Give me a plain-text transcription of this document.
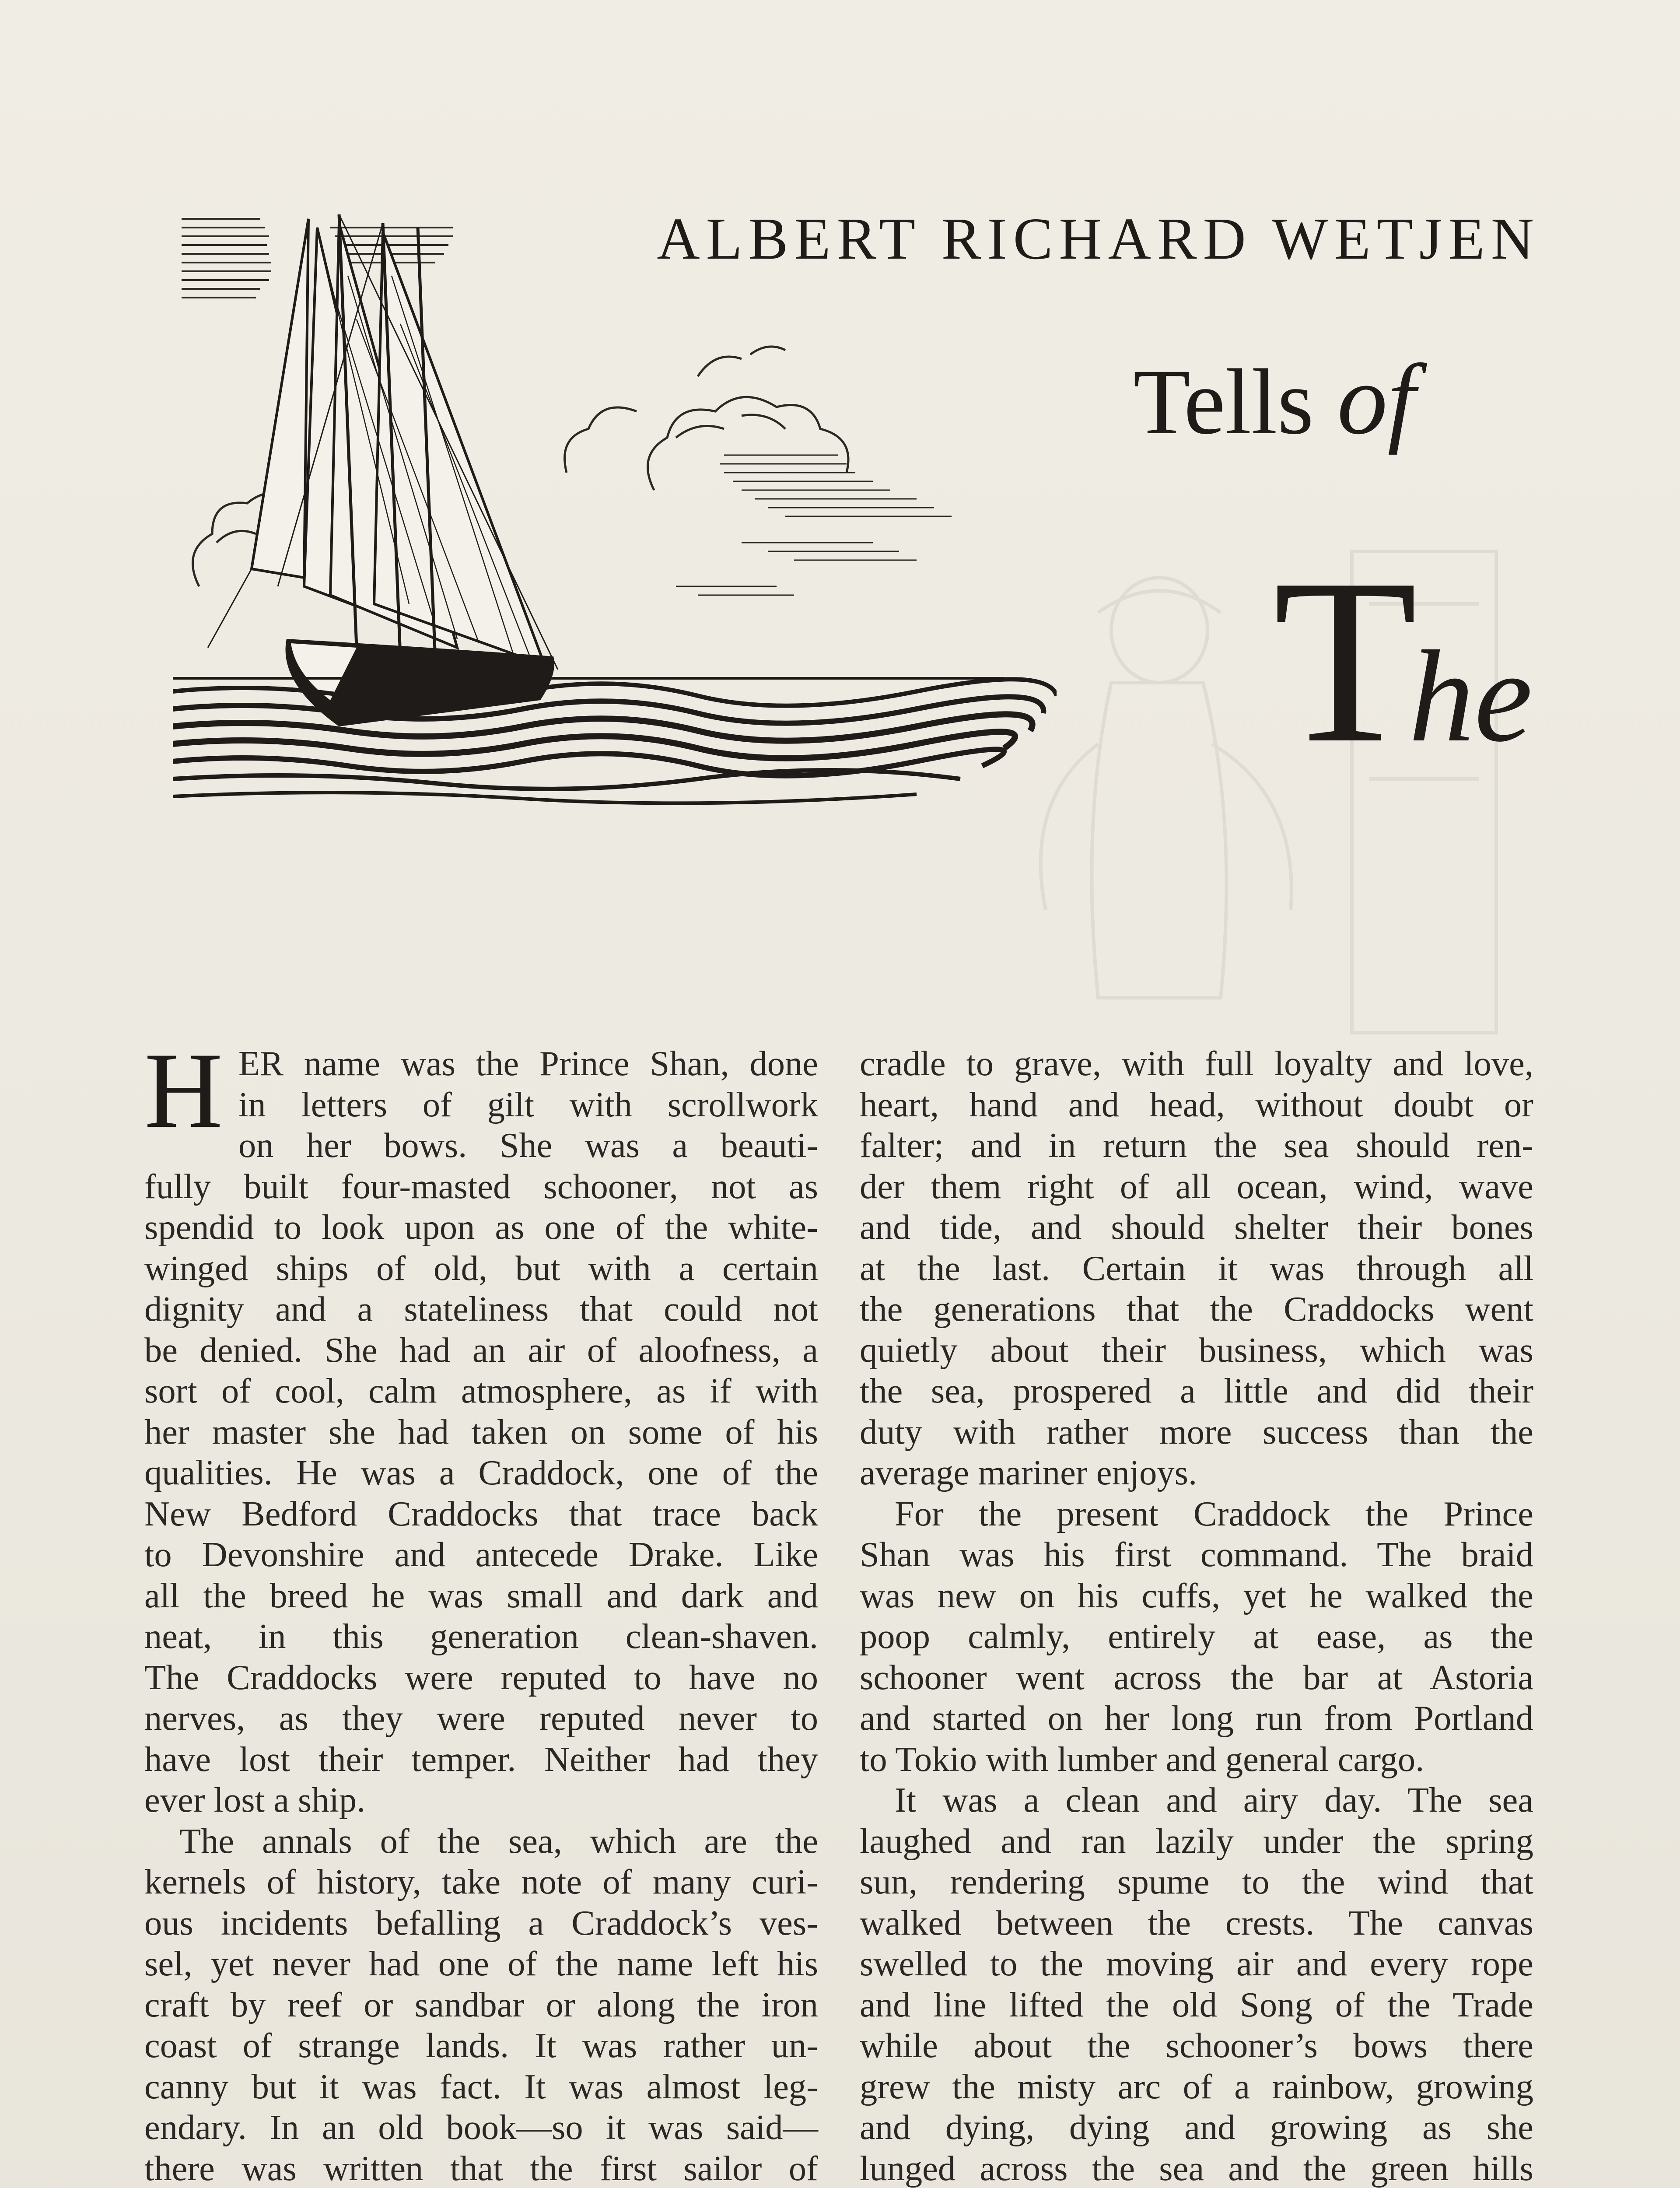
ALBERT RICHARD WETJEN
Tells of
The
H ER name was the Prince Shan, done
in letters of gilt with scrollwork
on her bows. She was a beauti-
fully built four-masted schooner, not as
spendid to look upon as one of the white-
winged ships of old, but with a certain
dignity and a stateliness that could not
be denied. She had an air of aloofness, a
sort of cool, calm atmosphere, as if with
her master she had taken on some of his
qualities. He was a Craddock, one of the
New Bedford Craddocks that trace back
to Devonshire and antecede Drake. Like
all the breed he was small and dark and
neat, in this generation clean-shaven.
The Craddocks were reputed to have no
nerves, as they were reputed never to
have lost their temper. Neither had they
ever lost a ship.
The annals of the sea, which are the
kernels of history, take note of many curi-
ous incidents befalling a Craddock’s ves-
sel, yet never had one of the name left his
craft by reef or sandbar or along the iron
coast of strange lands. It was rather un-
canny but it was fact. It was almost leg-
endary. In an old book—so it was said—
there was written that the first sailor of
cradle to grave, with full loyalty and love,
heart, hand and head, without doubt or
falter; and in return the sea should ren-
der them right of all ocean, wind, wave
and tide, and should shelter their bones
at the last. Certain it was through all
the generations that the Craddocks went
quietly about their business, which was
the sea, prospered a little and did their
duty with rather more success than the
average mariner enjoys.
For the present Craddock the Prince
Shan was his first command. The braid
was new on his cuffs, yet he walked the
poop calmly, entirely at ease, as the
schooner went across the bar at Astoria
and started on her long run from Portland
to Tokio with lumber and general cargo.
It was a clean and airy day. The sea
laughed and ran lazily under the spring
sun, rendering spume to the wind that
walked between the crests. The canvas
swelled to the moving air and every rope
and line lifted the old Song of the Trade
while about the schooner’s bows there
grew the misty arc of a rainbow, growing
and dying, dying and growing as she
lunged across the sea and the green hills
